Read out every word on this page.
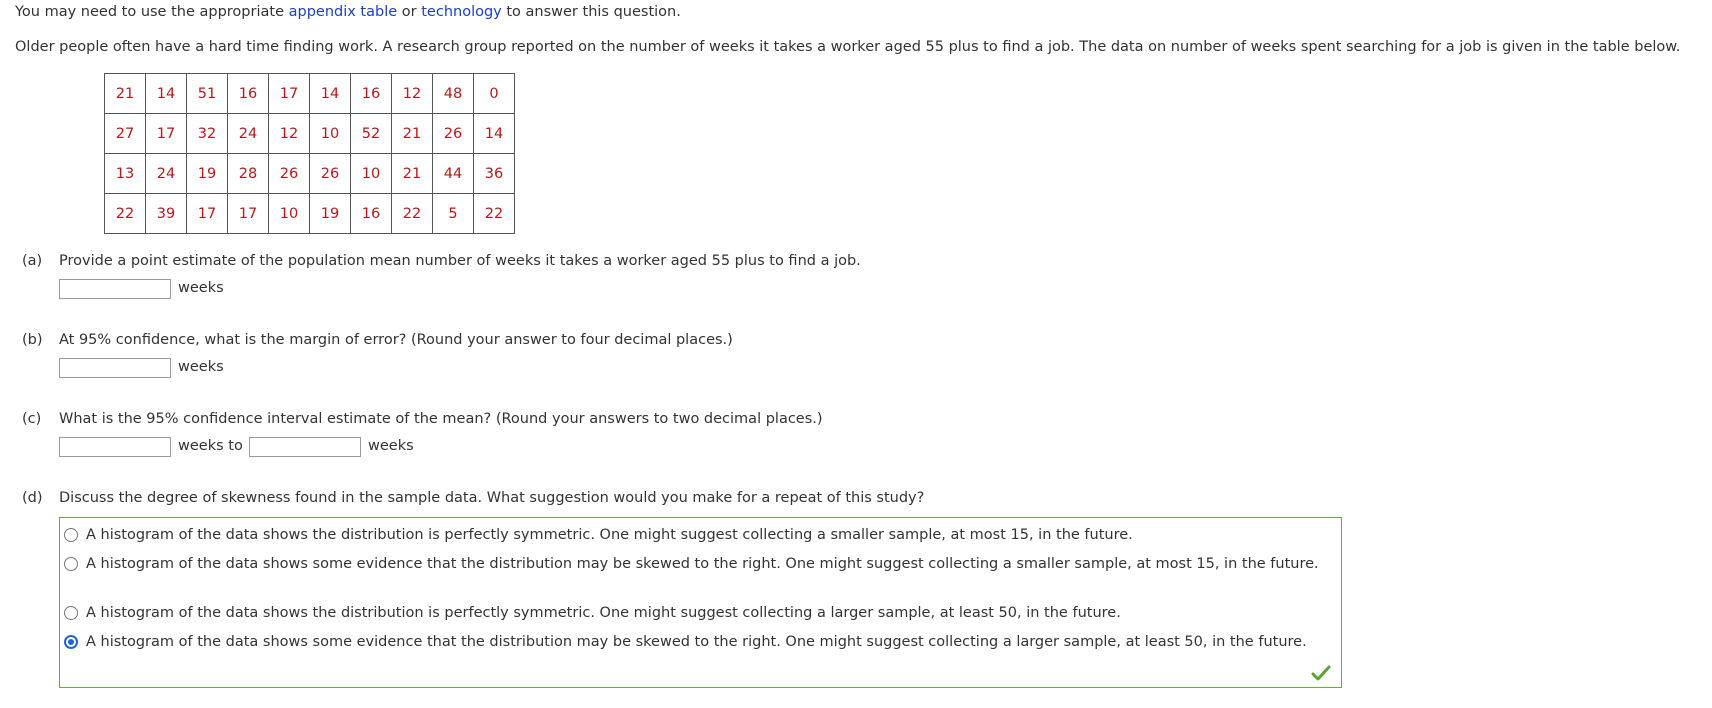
You may need to use the appropriate appendix table or technology to answer this question.
Older people often have a hard time finding work. A research group reported on the number of weeks it takes a worker aged 55 plus to find a job. The data on number of weeks spent searching for a job is given in the table below.
21	14	51	16	17	14	16	12	48	0
27	17	32	24	12	10	52	21	26	14
13	24	19	28	26	26	10	21	44	36
22	39	17	17	10	19	16	22	5	22
(a) Provide a point estimate of the population mean number of weeks it takes a worker aged 55 plus to find a job.
weeks
(b) At 95% confidence, what is the margin of error? (Round your answer to four decimal places.)
weeks
(c) What is the 95% confidence interval estimate of the mean? (Round your answers to two decimal places.)
weeks to	weeks
(d) Discuss the degree of skewness found in the sample data. What suggestion would you make for a repeat of this study?
A histogram of the data shows the distribution is perfectly symmetric. One might suggest collecting a smaller sample, at most 15, in the future.
A histogram of the data shows some evidence that the distribution may be skewed to the right. One might suggest collecting a smaller sample, at most 15, in the future.
A histogram of the data shows the distribution is perfectly symmetric. One might suggest collecting a larger sample, at least 50, in the future.
A histogram of the data shows some evidence that the distribution may be skewed to the right. One might suggest collecting a larger sample, at least 50, in the future.
